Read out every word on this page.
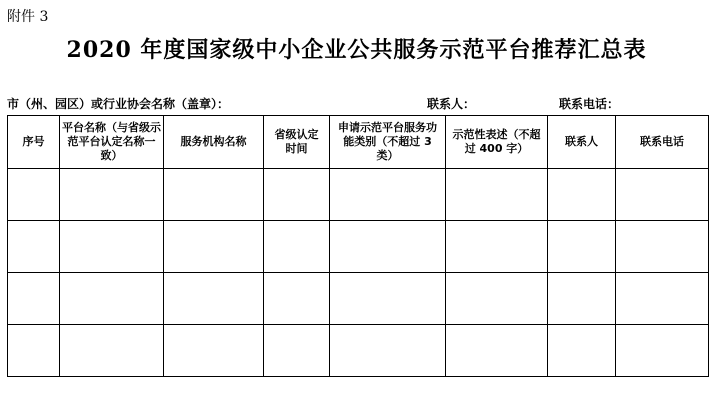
附件 3
2020 年度国家级中小企业公共服务示范平台推荐汇总表
市（州、园区）或行业协会名称（盖章）：	联系人：	联系电话：
序号	平台名称（与省级示范平台认定名称一致）	服务机构名称	省级认定时间	申请示范平台服务功能类别（不超过 3 类）	示范性表述（不超过 400 字）	联系人	联系电话
